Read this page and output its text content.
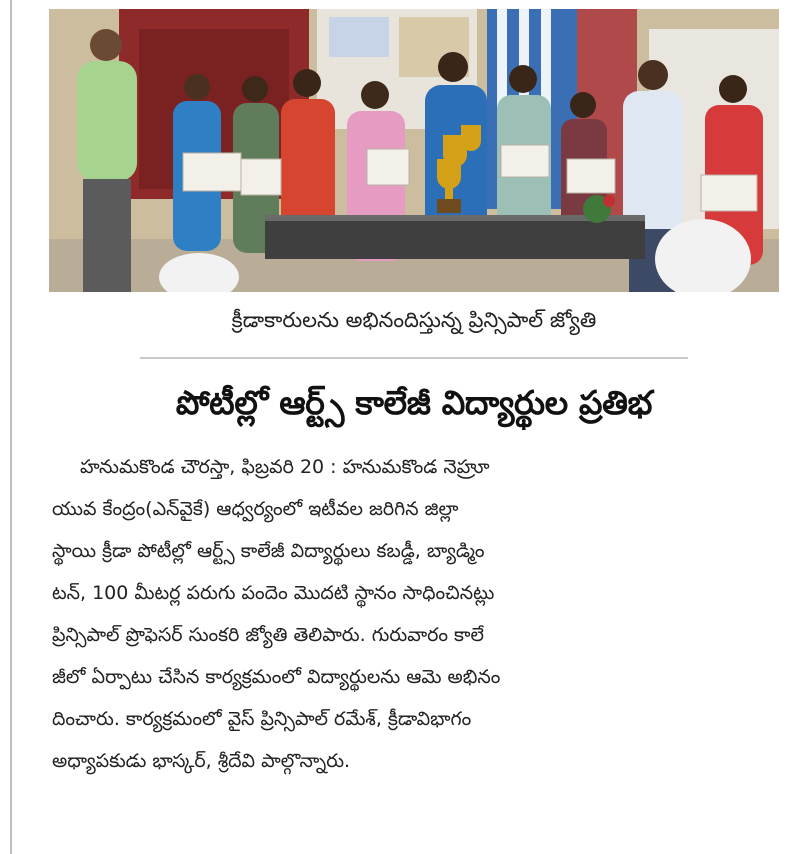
క్రీడాకారులను అభినందిస్తున్న ప్రిన్సిపాల్ జ్యోతి
పోటీల్లో ఆర్ట్స్ కాలేజీ విద్యార్థుల ప్రతిభ
హనుమకొండ చౌరస్తా, ఫిబ్రవరి 20 : హనుమకొండ నెహ్రూ
యువ కేంద్రం(ఎన్‌వైకే) ఆధ్వర్యంలో ఇటీవల జరిగిన జిల్లా
స్థాయి క్రీడా పోటీల్లో ఆర్ట్స్ కాలేజీ విద్యార్థులు కబడ్డీ, బ్యాడ్మిం
టన్, 100 మీటర్ల పరుగు పందెం మొదటి స్థానం సాధించినట్లు
ప్రిన్సిపాల్ ప్రొఫెసర్ సుంకరి జ్యోతి తెలిపారు. గురువారం కాలే
జీలో ఏర్పాటు చేసిన కార్యక్రమంలో విద్యార్థులను ఆమె అభినం
దించారు. కార్యక్రమంలో వైస్ ప్రిన్సిపాల్ రమేశ్, క్రీడావిభాగం
అధ్యాపకుడు భాస్కర్, శ్రీదేవి పాల్గొన్నారు.
